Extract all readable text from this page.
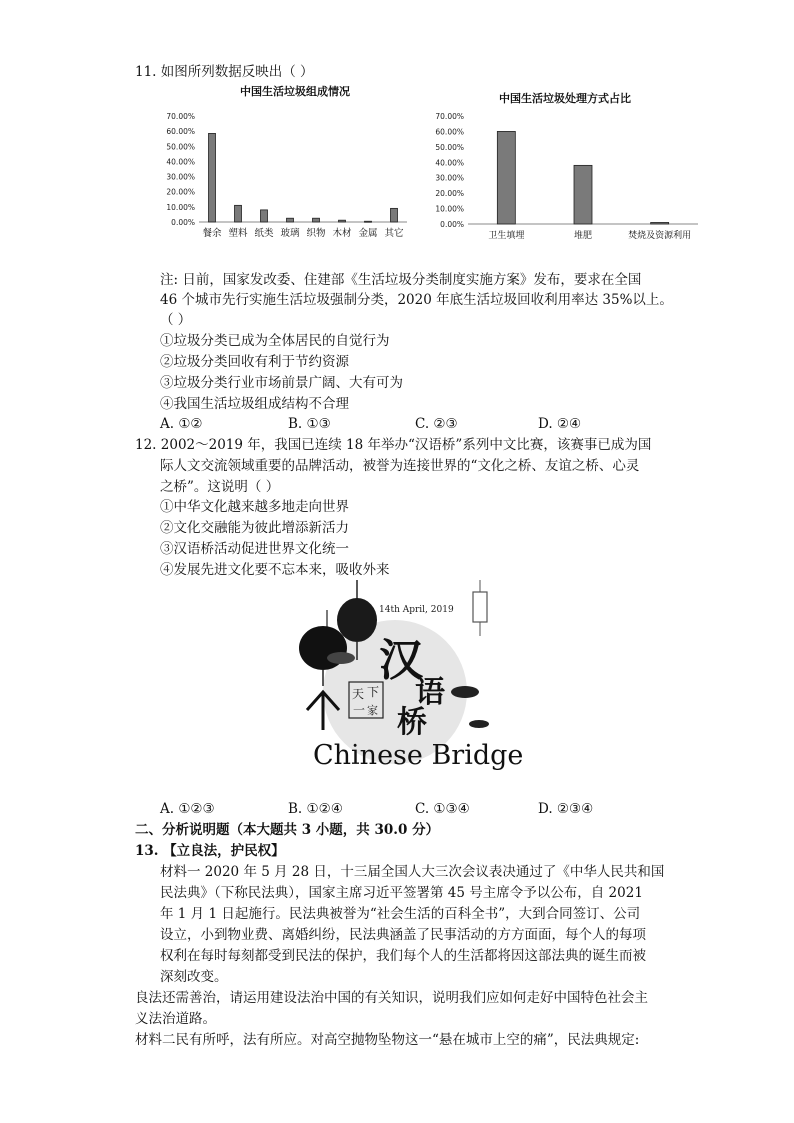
11. 如图所列数据反映出（ ）
中国生活垃圾组成情况
0.00%
10.00%
20.00%
30.00%
40.00%
50.00%
60.00%
70.00%
餐余 塑料 纸类 玻璃 织物 木材 金属 其它
中国生活垃圾处理方式占比
0.00%
10.00%
20.00%
30.00%
40.00%
50.00%
60.00%
70.00%
卫生填埋	堆肥	焚烧及资源利用
注: 日前，国家发改委、住建部《生活垃圾分类制度实施方案》发布，要求在全国
46 个城市先行实施生活垃圾强制分类，2020 年底生活垃圾回收利用率达 35%以上。
（ ）
①垃圾分类已成为全体居民的自觉行为
②垃圾分类回收有利于节约资源
③垃圾分类行业市场前景广阔、大有可为
④我国生活垃圾组成结构不合理
A. ①②	B. ①③	C. ②③	D. ②④
12. 2002～2019 年，我国已连续 18 年举办“汉语桥”系列中文比赛，该赛事已成为国
际人文交流领域重要的品牌活动，被誉为连接世界的“文化之桥、友谊之桥、心灵
之桥”。这说明（ ）
①中华文化越来越多地走向世界
②文化交融能为彼此增添新活力
③汉语桥活动促进世界文化统一
④发展先进文化要不忘本来，吸收外来
14th April, 2019
汉
语
桥
天 下
一 家
Chinese Bridge
A. ①②③	B. ①②④	C. ①③④	D. ②③④
二、分析说明题（本大题共 3 小题，共 30.0 分）
13. 【立良法，护民权】
材料一 2020 年 5 月 28 日，十三届全国人大三次会议表决通过了《中华人民共和国
民法典》（下称民法典），国家主席习近平签署第 45 号主席令予以公布，自 2021
年 1 月 1 日起施行。民法典被誉为“社会生活的百科全书”，大到合同签订、公司
设立，小到物业费、离婚纠纷，民法典涵盖了民事活动的方方面面，每个人的每项
权利在每时每刻都受到民法的保护，我们每个人的生活都将因这部法典的诞生而被
深刻改变。
良法还需善治，请运用建设法治中国的有关知识，说明我们应如何走好中国特色社会主
义法治道路。
材料二民有所呼，法有所应。对高空抛物坠物这一“悬在城市上空的痛”，民法典规定:
